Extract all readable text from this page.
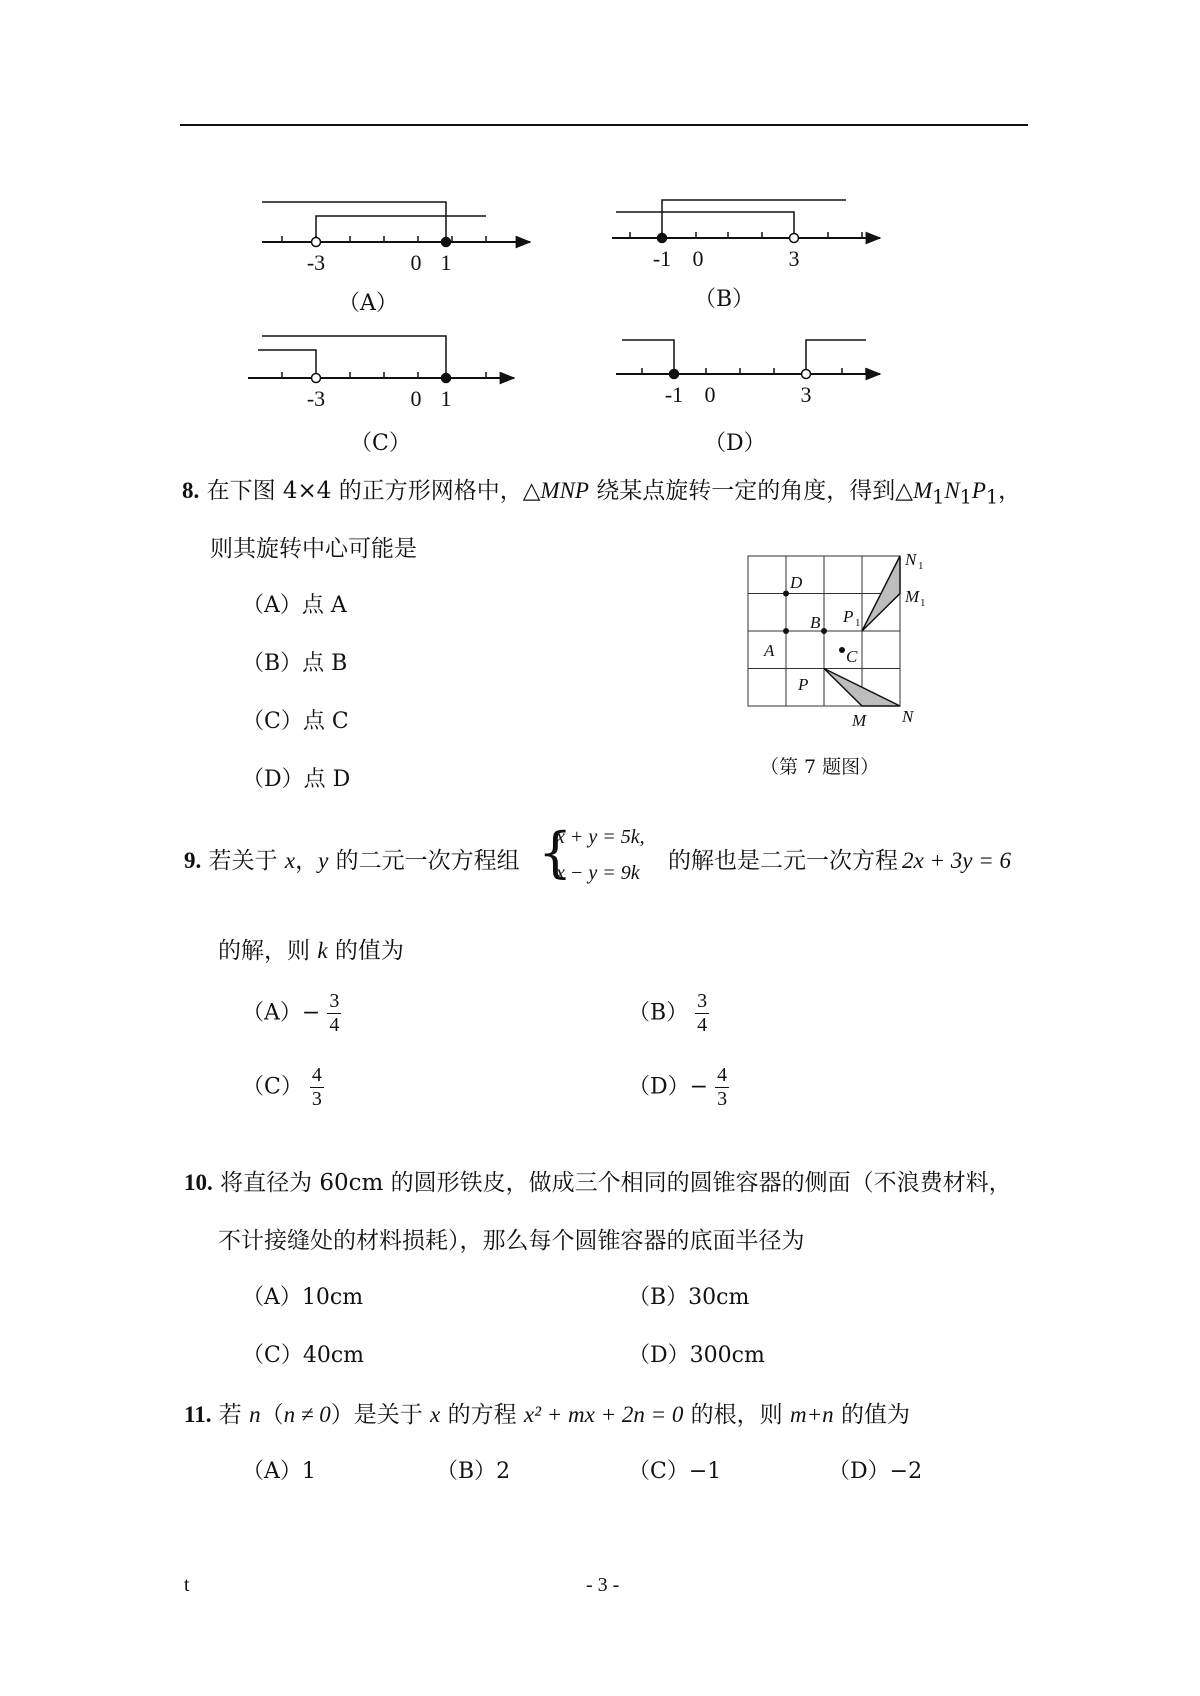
-3	0 1	-1 0	3
-3	0 1	-1 0	3
（A）	（B）
（C）	（D）
8. 在下图 4×4 的正方形网格中，△MNP 绕某点旋转一定的角度，得到$\triangle M_1N_1P_1$，
则其旋转中心可能是
（A）点 A
（B）点 B
（C）点 C
（D）点 D
N 1
M 1
D
B P 1
A	C
P
M N
（第 7 题图）
9. 若关于 x，y 的二元一次方程组 {
x + y = 5k,
x − y = 9k 的解也是二元一次方程 2x + 3y = 6
的解，则 k 的值为
$(A)- \frac{3}{4}$	$(B) \frac{3}{4}$
$(C) \frac{4}{3}$	$(D)- \frac{4}{3}$
10. 将直径为 60cm 的圆形铁皮，做成三个相同的圆锥容器的侧面（不浪费材料，
不计接缝处的材料损耗），那么每个圆锥容器的底面半径为
（A）10cm	（B）30cm
（C）40cm	（D）300cm
11. 若 n（n ≠ 0）是关于 x 的方程 x² + mx + 2n = 0 的根，则 m+n 的值为
（A）1	（B）2	（C）−1	（D）−2
t	- 3 -
